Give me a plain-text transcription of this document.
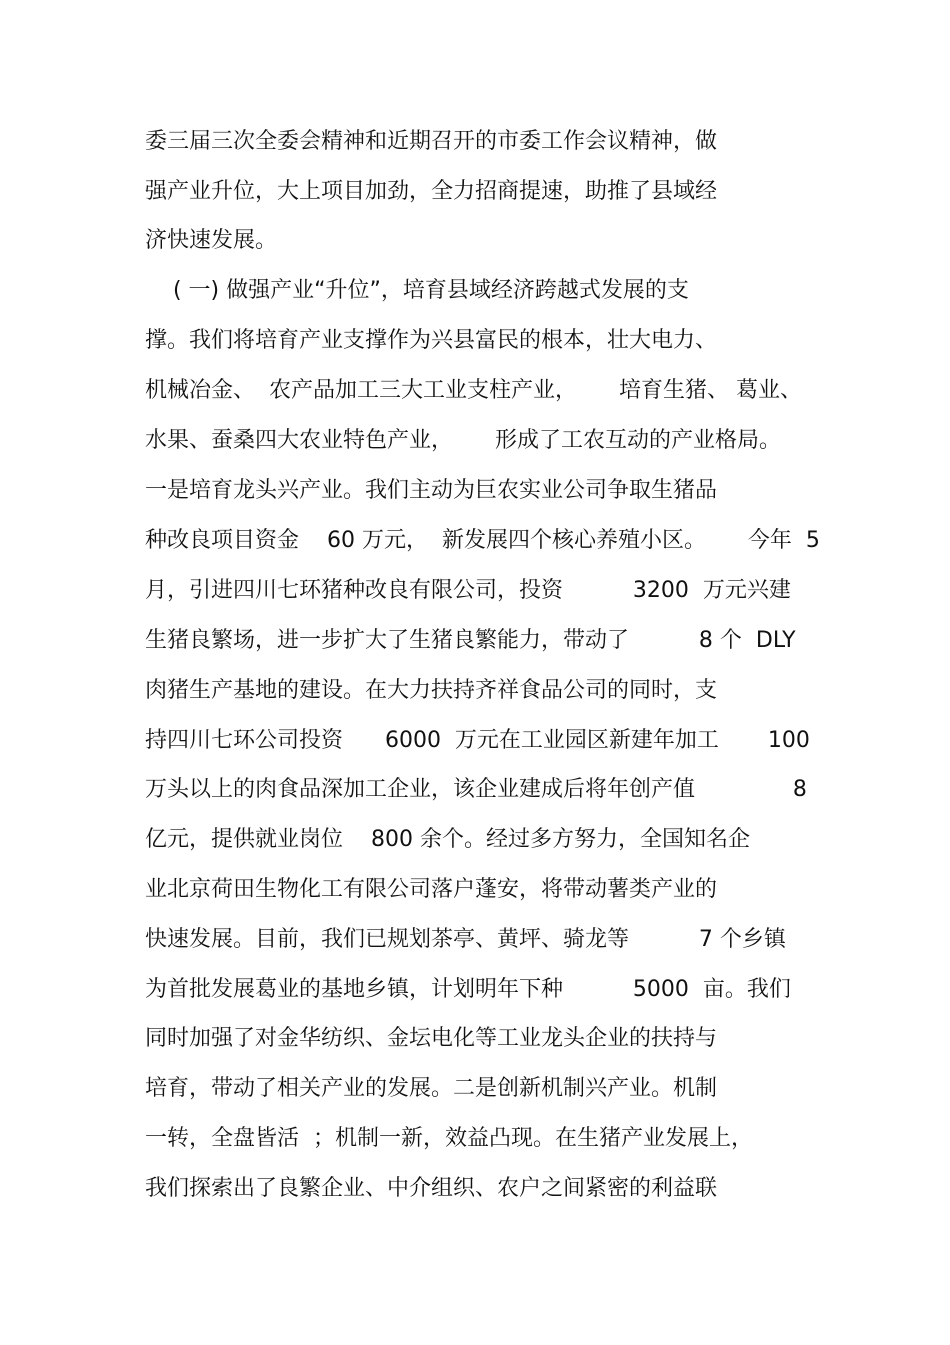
委三届三次全委会精神和近期召开的市委工作会议精神，做
强产业升位，大上项目加劲，全力招商提速，助推了县域经
济快速发展。
( 一) 做强产业“升位”，培育县域经济跨越式发展的支
撑。我们将培育产业支撑作为兴县富民的根本，壮大电力、
机械冶金、  农产品加工三大工业支柱产业，      培育生猪、 葛业、
水果、蚕桑四大农业特色产业，      形成了工农互动的产业格局。
一是培育龙头兴产业。我们主动为巨农实业公司争取生猪品
种改良项目资金    60 万元，  新发展四个核心养殖小区。      今年  5
月，引进四川七环猪种改良有限公司，投资          3200  万元兴建
生猪良繁场，进一步扩大了生猪良繁能力，带动了          8 个  DLY
肉猪生产基地的建设。在大力扶持齐祥食品公司的同时，支
持四川七环公司投资      6000  万元在工业园区新建年加工       100
万头以上的肉食品深加工企业，该企业建成后将年创产值              8
亿元，提供就业岗位    800 余个。经过多方努力，全国知名企
业北京荷田生物化工有限公司落户蓬安，将带动薯类产业的
快速发展。目前，我们已规划茶亭、黄坪、骑龙等          7 个乡镇
为首批发展葛业的基地乡镇，计划明年下种          5000  亩。我们
同时加强了对金华纺织、金坛电化等工业龙头企业的扶持与
培育，带动了相关产业的发展。二是创新机制兴产业。机制
一转，全盘皆活  ；机制一新，效益凸现。在生猪产业发展上，
我们探索出了良繁企业、中介组织、农户之间紧密的利益联
